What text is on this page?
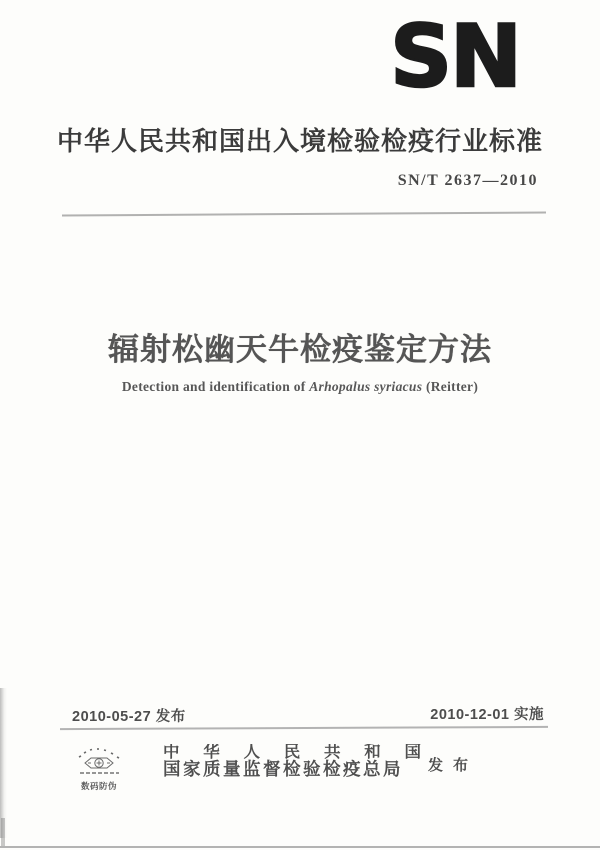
SN
中华人民共和国出入境检验检疫行业标准
SN/T 2637—2010
辐射松幽天牛检疫鉴定方法
Detection and identification of Arhopalus syriacus (Reitter)
2010-05-27 发布	2010-12-01 实施
数码防伪
中华人民共和国
国家质量监督检验检疫总局	发布
